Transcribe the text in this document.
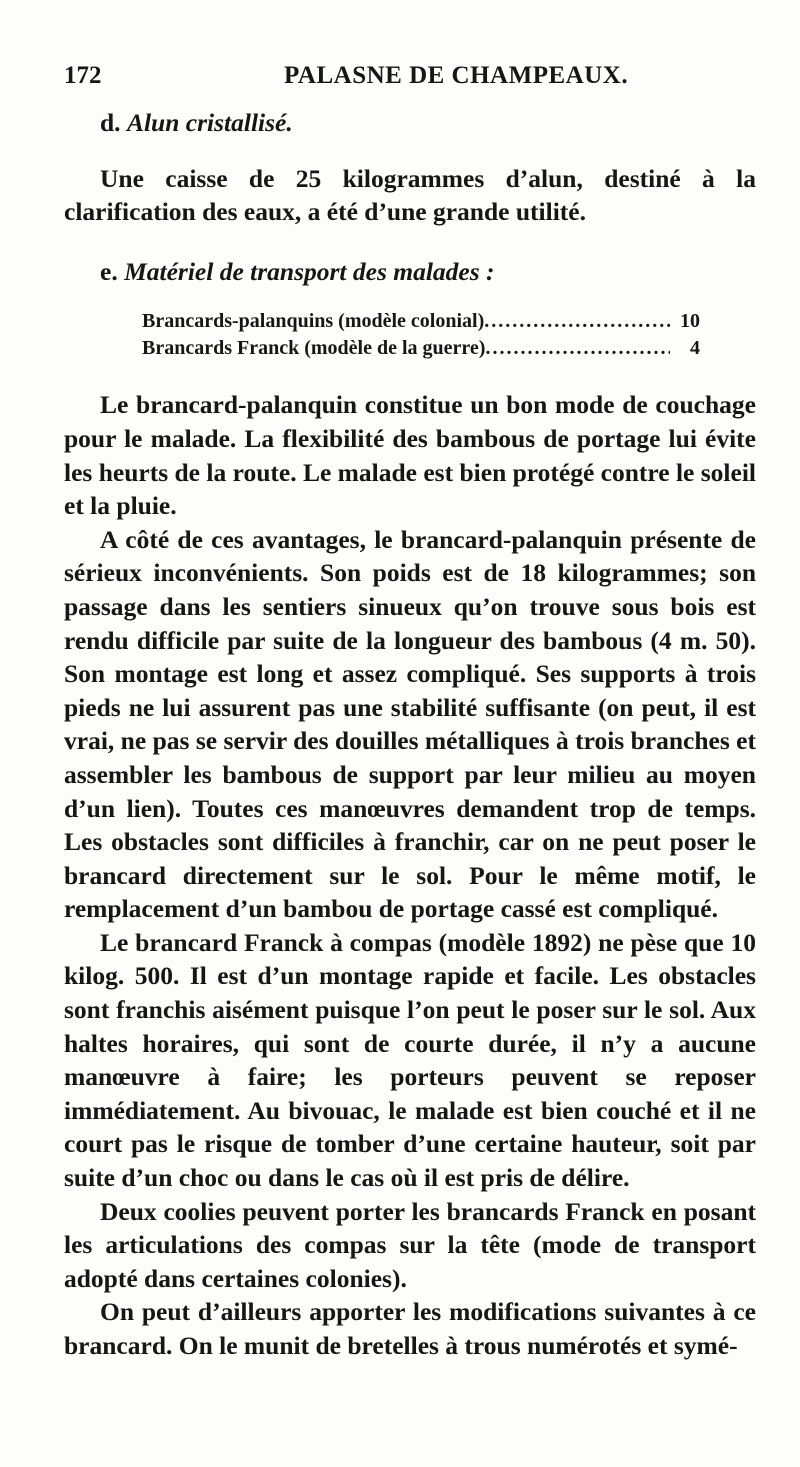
172	PALASNE DE CHAMPEAUX.
d. Alun cristallisé.

Une caisse de 25 kilogrammes d’alun, destiné à la clarification des eaux, a été d’une grande utilité.

e. Matériel de transport des malades :
Brancards-palanquins (modèle colonial) .....	10
Brancards Franck (modèle de la guerre) .....	4

Le brancard-palanquin constitue un bon mode de couchage pour le malade. La flexibilité des bambous de portage lui évite les heurts de la route. Le malade est bien protégé contre le soleil et la pluie.

A côté de ces avantages, le brancard-palanquin présente de sérieux inconvénients. Son poids est de 18 kilogrammes; son passage dans les sentiers sinueux qu’on trouve sous bois est rendu difficile par suite de la longueur des bambous (4 m. 50). Son montage est long et assez compliqué. Ses supports à trois pieds ne lui assurent pas une stabilité suffisante (on peut, il est vrai, ne pas se servir des douilles métalliques à trois branches et assembler les bambous de support par leur milieu au moyen d’un lien). Toutes ces manœuvres demandent trop de temps. Les obstacles sont difficiles à franchir, car on ne peut poser le brancard directement sur le sol. Pour le même motif, le remplacement d’un bambou de portage cassé est compliqué.

Le brancard Franck à compas (modèle 1892) ne pèse que 10 kilog. 500. Il est d’un montage rapide et facile. Les obstacles sont franchis aisément puisque l’on peut le poser sur le sol. Aux haltes horaires, qui sont de courte durée, il n’y a aucune manœuvre à faire; les porteurs peuvent se reposer immédiatement. Au bivouac, le malade est bien couché et il ne court pas le risque de tomber d’une certaine hauteur, soit par suite d’un choc ou dans le cas où il est pris de délire.

Deux coolies peuvent porter les brancards Franck en posant les articulations des compas sur la tête (mode de transport adopté dans certaines colonies).

On peut d’ailleurs apporter les modifications suivantes à ce brancard. On le munit de bretelles à trous numérotés et symé-
